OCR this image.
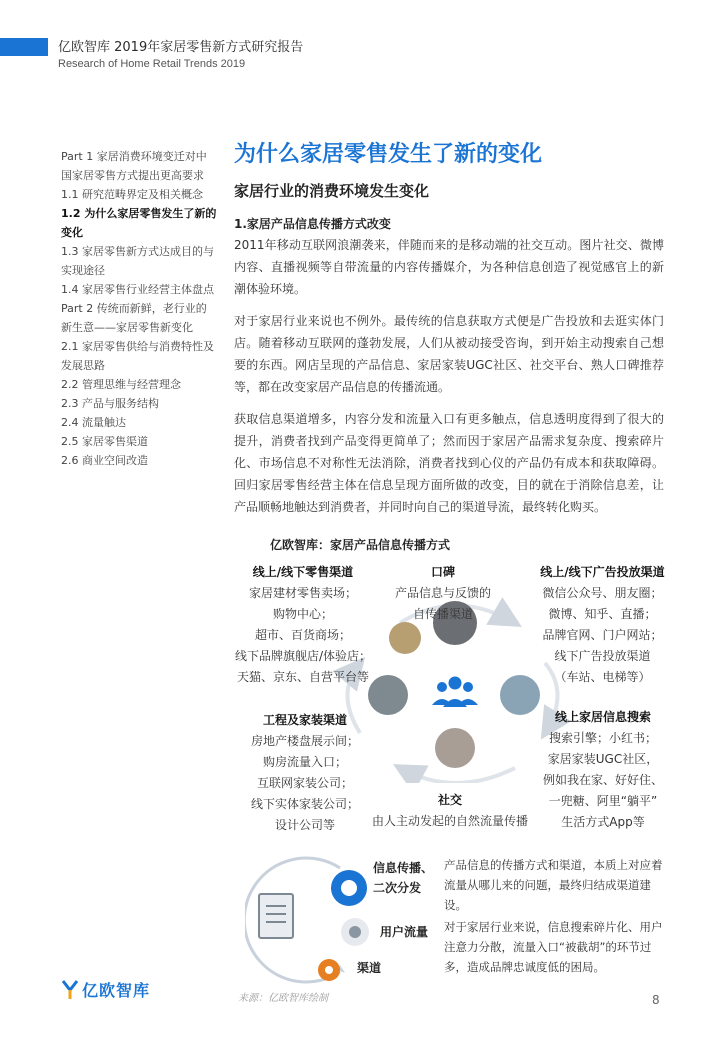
亿欧智库 2019年家居零售新方式研究报告
Research of Home Retail Trends 2019
Part 1 家居消费环境变迁对中
国家居零售方式提出更高要求
1.1 研究范畴界定及相关概念
1.2 为什么家居零售发生了新的
变化
1.3 家居零售新方式达成目的与
实现途径
1.4 家居零售行业经营主体盘点
Part 2 传统而新鲜，老行业的
新生意——家居零售新变化
2.1 家居零售供给与消费特性及
发展思路
2.2 管理思维与经营理念
2.3 产品与服务结构
2.4 流量触达
2.5 家居零售渠道
2.6 商业空间改造
为什么家居零售发生了新的变化
家居行业的消费环境发生变化
1.家居产品信息传播方式改变

2011年移动互联网浪潮袭来，伴随而来的是移动端的社交互动。图片社交、微博内容、直播视频等自带流量的内容传播媒介，为各种信息创造了视觉感官上的新潮体验环境。

对于家居行业来说也不例外。最传统的信息获取方式便是广告投放和去逛实体门店。随着移动互联网的蓬勃发展，人们从被动接受咨询，到开始主动搜索自己想要的东西。网店呈现的产品信息、家居家装UGC社区、社交平台、熟人口碑推荐等，都在改变家居产品信息的传播流通。

获取信息渠道增多，内容分发和流量入口有更多触点，信息透明度得到了很大的提升，消费者找到产品变得更简单了；然而因于家居产品需求复杂度、搜索碎片化、市场信息不对称性无法消除，消费者找到心仪的产品仍有成本和获取障碍。回归家居零售经营主体在信息呈现方面所做的改变，目的就在于消除信息差，让产品顺畅地触达到消费者，并同时向自己的渠道导流，最终转化购买。

亿欧智库：家居产品信息传播方式
线上/线下零售渠道
家居建材零售卖场；
购物中心；
超市、百货商场；
线下品牌旗舰店/体验店；
天猫、京东、自营平台等
口碑
产品信息与反馈的
自传播渠道
线上/线下广告投放渠道
微信公众号、朋友圈；
微博、知乎、直播；
品牌官网、门户网站；
线下广告投放渠道
（车站、电梯等）
工程及家装渠道
房地产楼盘展示间；
购房流量入口；
互联网家装公司；
线下实体家装公司；
设计公司等
社交
由人主动发起的自然流量传播
线上家居信息搜索
搜索引擎；小红书；
家居家装UGC社区，
例如我在家、好好住、
一兜糖、阿里“躺平”
生活方式App等
信息传播、
二次分发
用户流量
渠道

产品信息的传播方式和渠道，本质上对应着流量从哪儿来的问题，最终归结成渠道建设。

对于家居行业来说，信息搜索碎片化、用户注意力分散，流量入口“被截胡”的环节过多，造成品牌忠诚度低的困局。

亿欧智库	来源：亿欧智库绘制	8
